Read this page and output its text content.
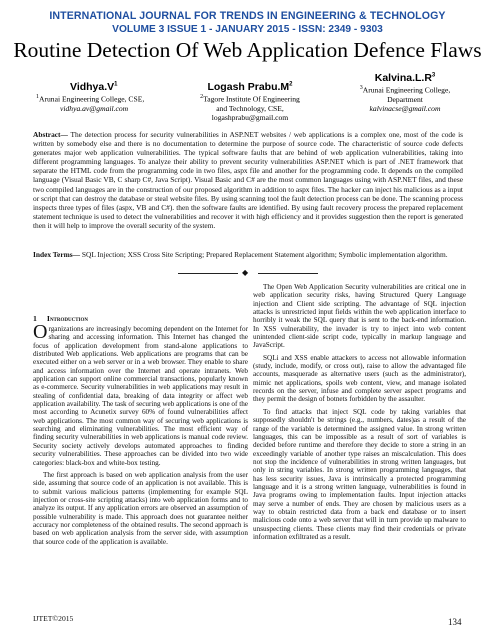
INTERNATIONAL JOURNAL FOR TRENDS IN ENGINEERING & TECHNOLOGY
VOLUME 3 ISSUE 1 - JANUARY 2015 - ISSN: 2349 - 9303
Routine Detection Of Web Application Defence Flaws
$Vidhya.V^1$
$^1$Arunai Engineering College, CSE,
vidhya.av@gmail.com
Logash $Prabu.M^2$
$^2$Tagore Institute Of Engineering
and Technology, CSE,
logashprabu@gmail.com
$Kalvina.L.R^3$
$^3$Arunai Engineering College,
Department
kalvinacse@gmail.com
Abstract— The detection process for security vulnerabilities in ASP.NET websites / web applications is a complex one, most of the code is written by somebody else and there is no documentation to determine the purpose of source code. The characteristic of source code defects generates major web application vulnerabilities. The typical software faults that are behind of web application vulnerabilities, taking into different programming languages. To analyze their ability to prevent security vulnerabilities ASP.NET which is part of .NET framework that separate the HTML code from the programming code in two files, aspx file and another for the programming code. It depends on the compiled language (Visual Basic VB, C sharp C#, Java Script). Visual Basic and C# are the most common languages using with ASP.NET files, and these two compiled languages are in the construction of our proposed algorithm in addition to aspx files. The hacker can inject his malicious as a input or script that can destroy the database or steal website files. By using scanning tool the fault detection process can be done. The scanning process inspects three types of files (aspx, VB and C#). then the software faults are identified. By using fault recovery process the prepared replacement statement technique is used to detect the vulnerabilities and recover it with high efficiency and it provides suggestion then the report is generated then it will help to improve the overall security of the system.
Index Terms— SQL Injection; XSS Cross Site Scripting; Prepared Replacement Statement algorithm; Symbolic implementation algorithm.
◆
1 Introduction

Organizations are increasingly becoming dependent on the Internet for sharing and accessing information. This Internet has changed the focus of application development from stand-alone applications to distributed Web applications. Web applications are programs that can be executed either on a web server or in a web browser. They enable to share and access information over the Internet and operate intranets. Web application can support online commercial transactions, popularly known as e-commerce. Security vulnerabilities in web applications may result in stealing of confidential data, breaking of data integrity or affect web application availability. The task of securing web applications is one of the most according to Acunetix survey 60% of found vulnerabilities affect web applications. The most common way of securing web applications is searching and eliminating vulnerabilities. The most efficient way of finding security vulnerabilities in web applications is manual code review. Security society actively develops automated approaches to finding security vulnerabilities. These approaches can be divided into two wide categories: black-box and white-box testing.

The first approach is based on web application analysis from the user side, assuming that source code of an application is not available. This is to submit various malicious patterns (implementing for example SQL injection or cross-site scripting attacks) into web application forms and to analyze its output. If any application errors are observed an assumption of possible vulnerability is made. This approach does not guarantee neither accuracy nor completeness of the obtained results. The second approach is based on web application analysis from the server side, with assumption that source code of the application is available.

The Open Web Application Security vulnerabilities are critical one in web application security risks, having Structured Query Language injection and Client side scripting. The advantage of SQL injection attacks is unrestricted input fields within the web application interface to horribly it weak the SQL query that is sent to the back-end information. In XSS vulnerability, the invader is try to inject into web content unintended client-side script code, typically in markup language and JavaScript.

SQLi and XSS enable attackers to access not allowable information (study, include, modify, or cross out), raise to allow the advantaged file accounts, masquerade as alternative users (such as the administrator), mimic net applications, spoils web content, view, and manage isolated records on the server, infuse and complete server aspect programs and they permit the design of botnets forbidden by the assaulter.

To find attacks that inject SQL code by taking variables that supposedly shouldn't be strings (e.g., numbers, dates)as a result of the range of the variable is determined the assigned value. In strong written languages, this can be impossible as a result of sort of variables is decided before runtime and therefore they decide to store a string in an exceedingly variable of another type raises an miscalculation. This does not stop the incidence of vulnerabilities in strong written languages, but only in string variables. In strong written programming languages, that has less security issues, Java is intrinsically a protected programming language and it is a strong written language, vulnerabilities is found in Java programs owing to implementation faults. Input injection attacks may serve a number of ends. They are chosen by malicious users as a way to obtain restricted data from a back end database or to insert malicious code onto a web server that will in turn provide up malware to unsuspecting clients. These clients may find their credentials or private information exfiltrated as a result.

IJTET©2015	134
